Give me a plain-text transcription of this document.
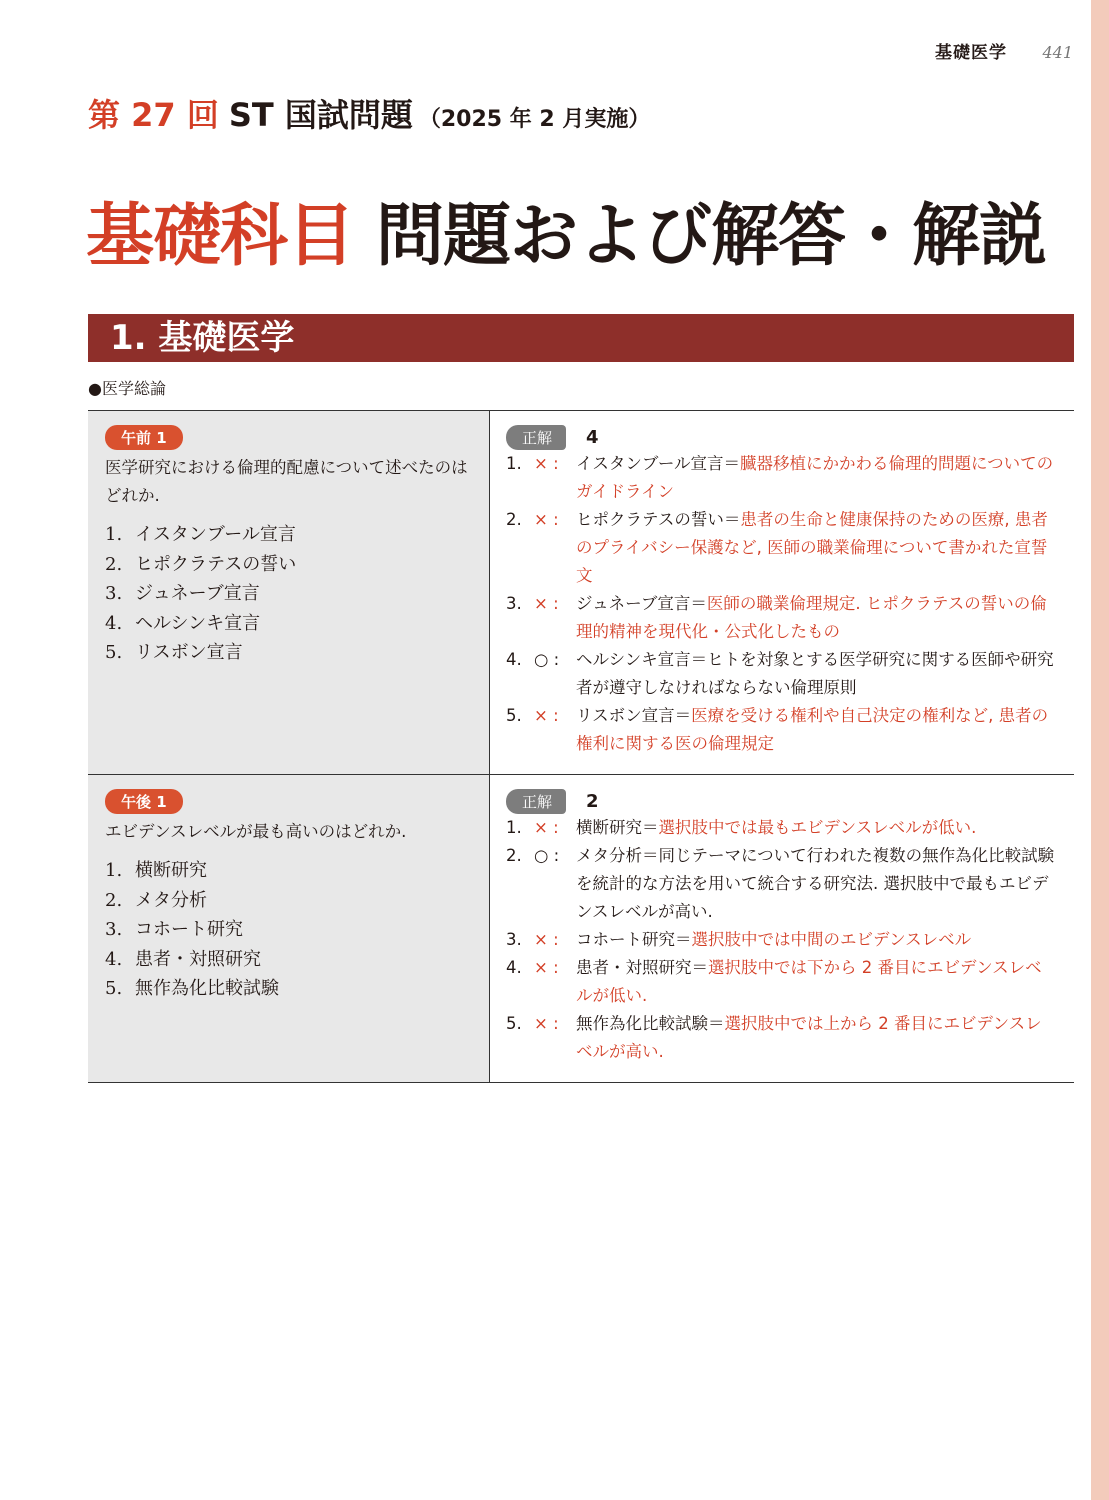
基礎医学 441
第 27 回 ST 国試問題 （2025 年 2 月実施）
基礎科目 問題および解答・解説
1. 基礎医学
●医学総論
午前 1
医学研究における倫理的配慮について述べたのはどれか.
1. イスタンブール宣言
2. ヒポクラテスの誓い
3. ジュネーブ宣言
4. ヘルシンキ宣言
5. リスボン宣言
正解	4
1. × :	イスタンブール宣言＝臓器移植にかかわる倫理的問題についてのガイドライン
2. × :	ヒポクラテスの誓い＝患者の生命と健康保持のための医療, 患者のプライバシー保護など, 医師の職業倫理について書かれた宣誓文
3. × :	ジュネーブ宣言＝医師の職業倫理規定. ヒポクラテスの誓いの倫理的精神を現代化・公式化したもの
4. ○ :	ヘルシンキ宣言＝ヒトを対象とする医学研究に関する医師や研究者が遵守しなければならない倫理原則
5. × :	リスボン宣言＝医療を受ける権利や自己決定の権利など, 患者の権利に関する医の倫理規定
午後 1
エビデンスレベルが最も高いのはどれか.
1. 横断研究
2. メタ分析
3. コホート研究
4. 患者・対照研究
5. 無作為化比較試験
正解	2
1. × :	横断研究＝選択肢中では最もエビデンスレベルが低い.
2. ○ :	メタ分析＝同じテーマについて行われた複数の無作為化比較試験を統計的な方法を用いて統合する研究法. 選択肢中で最もエビデンスレベルが高い.
3. × :	コホート研究＝選択肢中では中間のエビデンスレベル
4. × :	患者・対照研究＝選択肢中では下から 2 番目にエビデンスレベルが低い.
5. × :	無作為化比較試験＝選択肢中では上から 2 番目にエビデンスレベルが高い.
